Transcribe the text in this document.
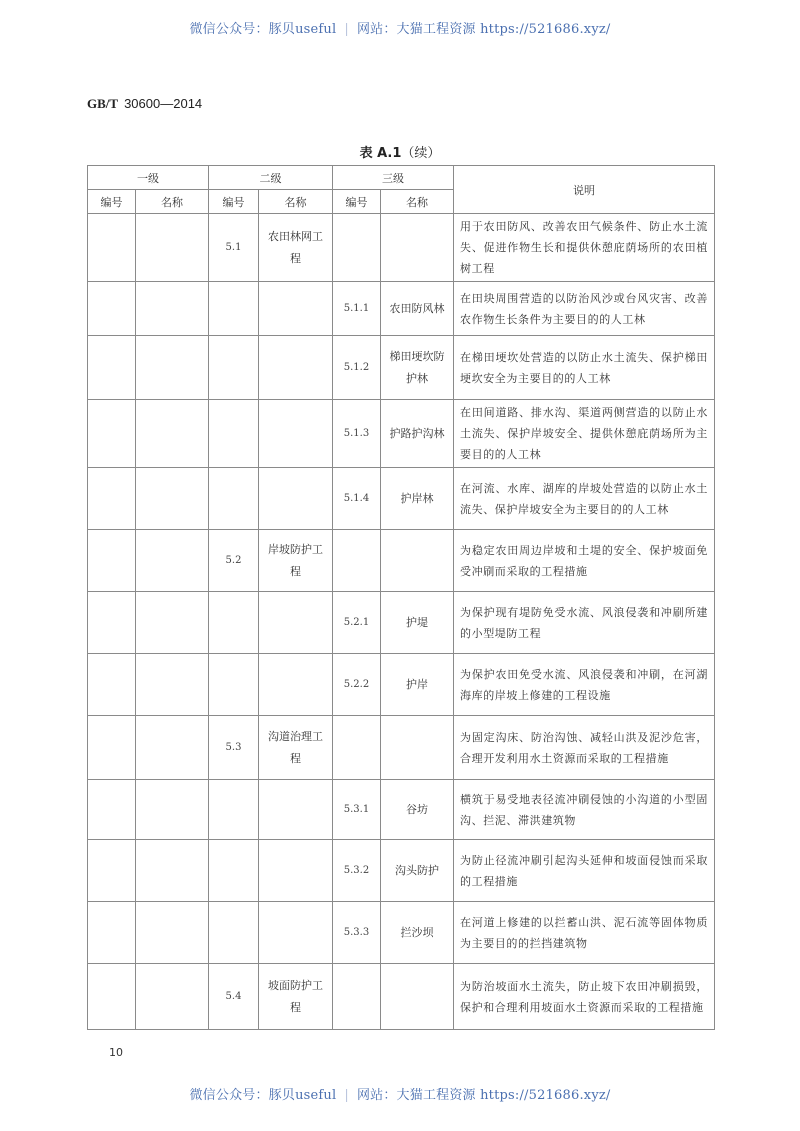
微信公众号：豚贝useful | 网站：大猫工程资源 https://521686.xyz/
GB/T 30600—2014
表 A.1（续）
一级		二级		三级		说明
编号	名称	编号	名称	编号	名称	
		5.1	农田林网工程			用于农田防风、改善农田气候条件、防止水土流失、促进作物生长和提供休憩庇荫场所的农田植树工程
				5.1.1	农田防风林	在田块周围营造的以防治风沙或台风灾害、改善农作物生长条件为主要目的的人工林
				5.1.2	梯田埂坎防护林	在梯田埂坎处营造的以防止水土流失、保护梯田埂坎安全为主要目的的人工林
				5.1.3	护路护沟林	在田间道路、排水沟、渠道两侧营造的以防止水土流失、保护岸坡安全、提供休憩庇荫场所为主要目的的人工林
				5.1.4	护岸林	在河流、水库、湖库的岸坡处营造的以防止水土流失、保护岸坡安全为主要目的的人工林
		5.2	岸坡防护工程			为稳定农田周边岸坡和土堤的安全、保护坡面免受冲刷而采取的工程措施
				5.2.1	护堤	为保护现有堤防免受水流、风浪侵袭和冲刷所建的小型堤防工程
				5.2.2	护岸	为保护农田免受水流、风浪侵袭和冲刷，在河湖海库的岸坡上修建的工程设施
		5.3	沟道治理工程			为固定沟床、防治沟蚀、减轻山洪及泥沙危害，合理开发利用水土资源而采取的工程措施
				5.3.1	谷坊	横筑于易受地表径流冲刷侵蚀的小沟道的小型固沟、拦泥、滞洪建筑物
				5.3.2	沟头防护	为防止径流冲刷引起沟头延伸和坡面侵蚀而采取的工程措施
				5.3.3	拦沙坝	在河道上修建的以拦蓄山洪、泥石流等固体物质为主要目的的拦挡建筑物
		5.4	坡面防护工程			为防治坡面水土流失，防止坡下农田冲刷损毁，保护和合理利用坡面水土资源而采取的工程措施
10
微信公众号：豚贝useful | 网站：大猫工程资源 https://521686.xyz/
